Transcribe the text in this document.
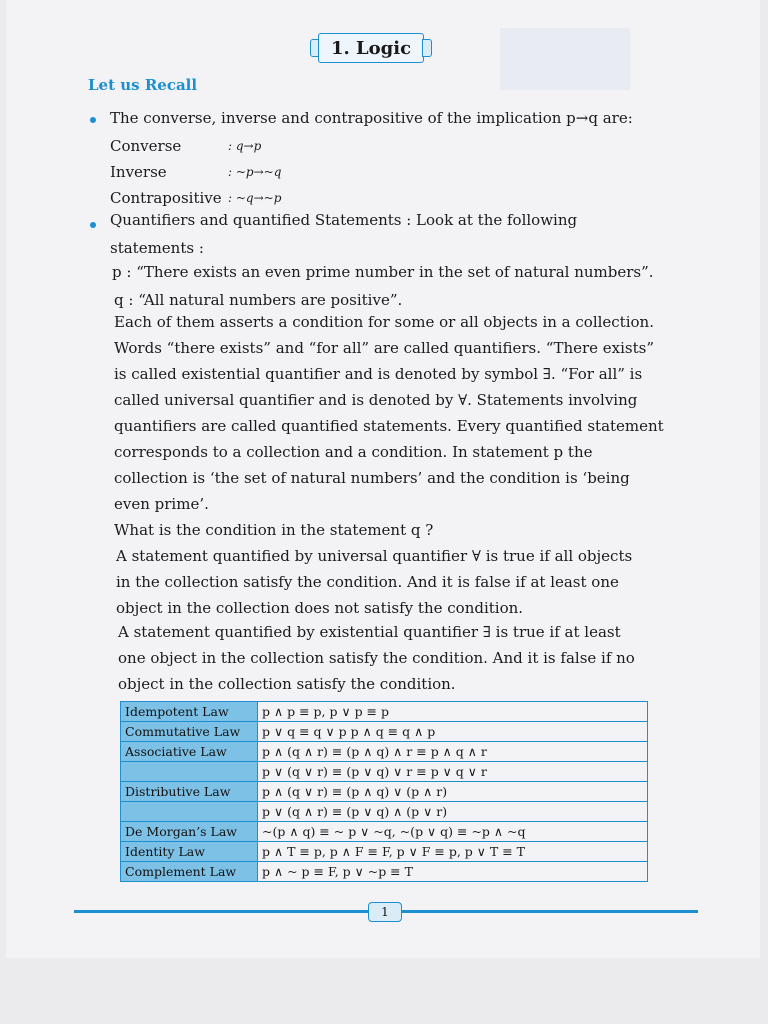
1. Logic
Let us Recall
The converse, inverse and contrapositive of the implication p→q are:
Converse	: q→p
Inverse	: ~p→~q
Contrapositive : ~q→~p
Quantifiers and quantified Statements : Look at the following
statements :
p : “There exists an even prime number in the set of natural numbers”.
q : “All natural numbers are positive”.
Each of them asserts a condition for some or all objects in a collection.
Words “there exists” and “for all” are called quantifiers. “There exists”
is called existential quantifier and is denoted by symbol ∃. “For all” is
called universal quantifier and is denoted by ∀. Statements involving
quantifiers are called quantified statements. Every quantified statement
corresponds to a collection and a condition. In statement p the
collection is ‘the set of natural numbers’ and the condition is ‘being
even prime’.
What is the condition in the statement q ?
A statement quantified by universal quantifier ∀ is true if all objects
in the collection satisfy the condition. And it is false if at least one
object in the collection does not satisfy the condition.
A statement quantified by existential quantifier ∃ is true if at least
one object in the collection satisfy the condition. And it is false if no
object in the collection satisfy the condition.
Idempotent Law	p ∧ p ≡ p, p ∨ p ≡ p
Commutative Law	p ∨ q ≡ q ∨ p p ∧ q ≡ q ∧ p
Associative Law	p ∧ (q ∧ r) ≡ (p ∧ q) ∧ r ≡ p ∧ q ∧ r
	p ∨ (q ∨ r) ≡ (p ∨ q) ∨ r ≡ p ∨ q ∨ r
Distributive Law	p ∧ (q ∨ r) ≡ (p ∧ q) ∨ (p ∧ r)
	p ∨ (q ∧ r) ≡ (p ∨ q) ∧ (p ∨ r)
De Morgan’s Law	~(p ∧ q) ≡ ~ p ∨ ~q, ~(p ∨ q) ≡ ~p ∧ ~q
Identity Law	p ∧ T ≡ p, p ∧ F ≡ F, p ∨ F ≡ p, p ∨ T ≡ T
Complement Law	p ∧ ~ p ≡ F, p ∨ ~p ≡ T
1
